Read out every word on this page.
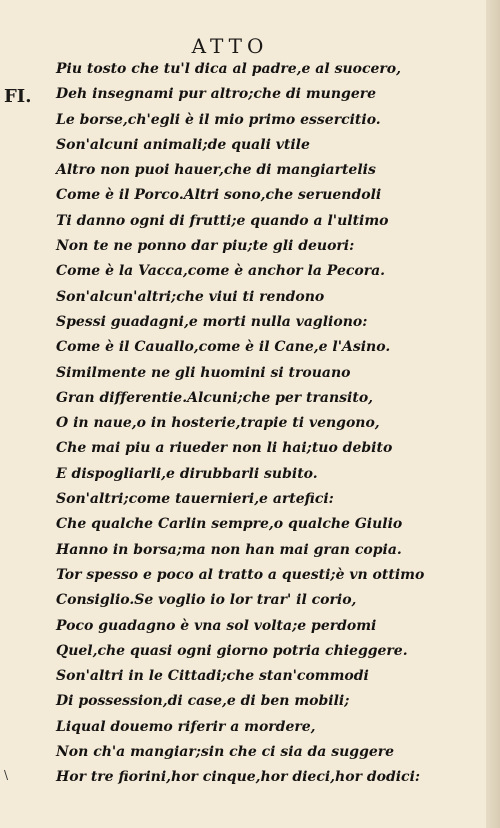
ATTO
FI.
\
Piu tosto che tu'l dica al padre,e al suocero,
Deh insegnami pur altro;che di mungere
Le borse,ch'egli è il mio primo essercitio.
Son'alcuni animali;de quali vtile
Altro non puoi hauer,che di mangiartelis
Come è il Porco.Altri sono,che seruendoli
Ti danno ogni di frutti;e quando a l'ultimo
Non te ne ponno dar piu;te gli deuori:
Come è la Vacca,come è anchor la Pecora.
Son'alcun'altri;che viui ti rendono
Spessi guadagni,e morti nulla vagliono:
Come è il Cauallo,come è il Cane,e l'Asino.
Similmente ne gli huomini si trouano
Gran differentie.Alcuni;che per transito,
O in naue,o in hosterie,trapie ti vengono,
Che mai piu a riueder non li hai;tuo debito
E dispogliarli,e dirubbarli subito.
Son'altri;come tauernieri,e artefici:
Che qualche Carlin sempre,o qualche Giulio
Hanno in borsa;ma non han mai gran copia.
Tor spesso e poco al tratto a questi;è vn ottimo
Consiglio.Se voglio io lor trar' il corio,
Poco guadagno è vna sol volta;e perdomi
Quel,che quasi ogni giorno potria chieggere.
Son'altri in le Cittadi;che stan'commodi
Di possession,di case,e di ben mobili;
Liqual douemo riferir a mordere,
Non ch'a mangiar;sin che ci sia da suggere
Hor tre fiorini,hor cinque,hor dieci,hor dodici:
